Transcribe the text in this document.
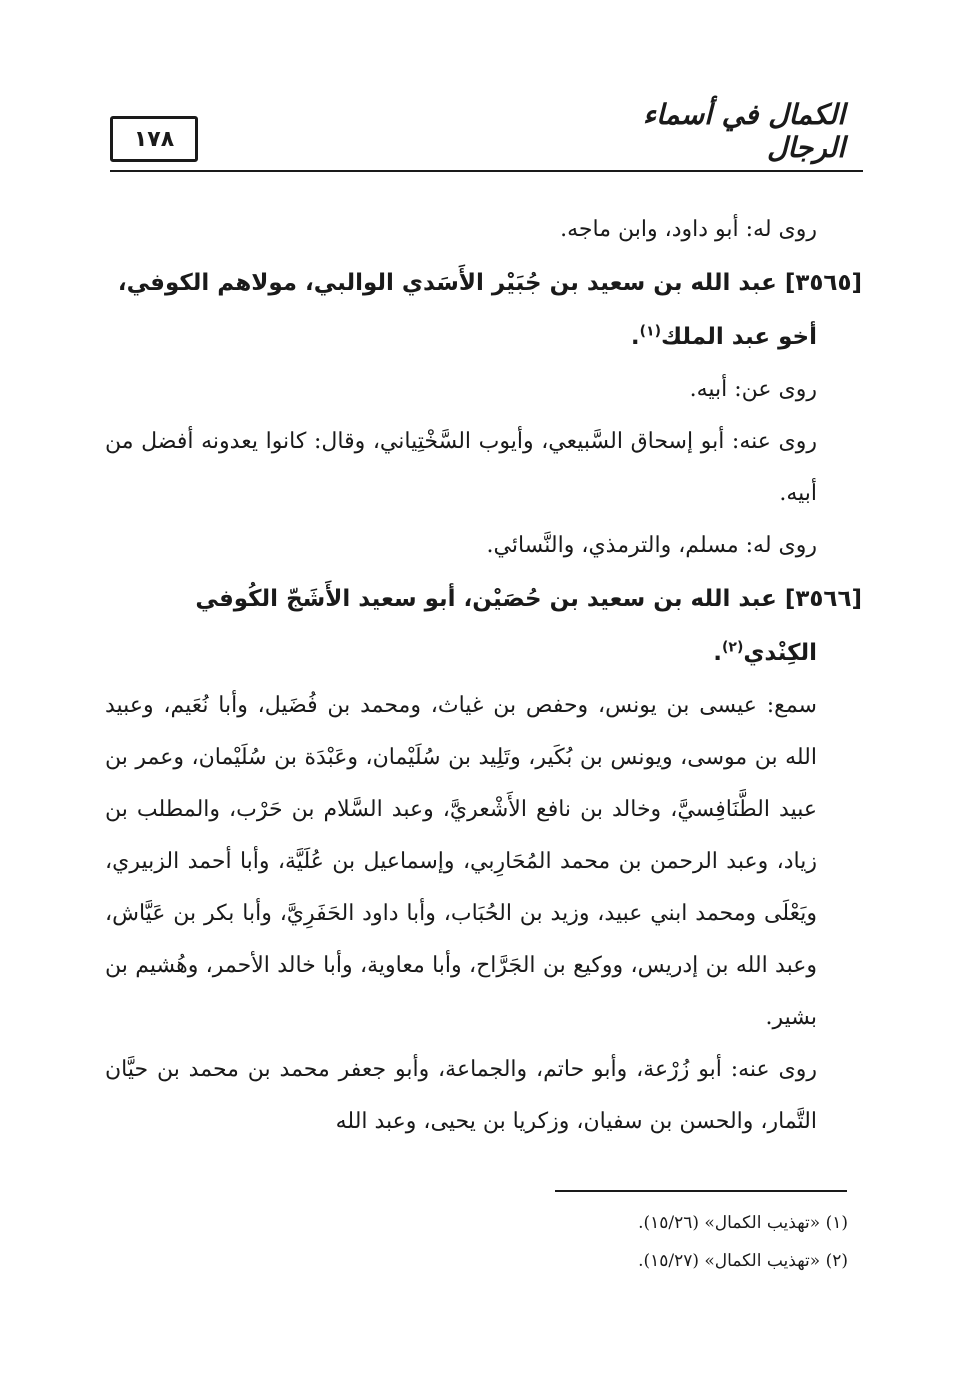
١٧٨
الكمال في أسماء الرجال

روى له: أبو داود، وابن ماجه.

[٣٥٦٥] عبد الله بن سعيد بن جُبَيْر الأَسَدي الوالبي، مولاهم الكوفي،

أخو عبد الملك$^{(١)}$.

روى عن: أبيه.

روى عنه: أبو إسحاق السَّبيعي، وأيوب السَّخْتِياني، وقال: كانوا يعدونه أفضل من أبيه.

روى له: مسلم، والترمذي، والنَّسائي.

[٣٥٦٦] عبد الله بن سعيد بن حُصَيْن، أبو سعيد الأَشَجّ الكُوفي

الكِنْدي$^{(٢)}$.

سمع: عيسى بن يونس، وحفص بن غياث، ومحمد بن فُضَيل، وأبا نُعَيم، وعبيد الله بن موسى، ويونس بن بُكَير، وتَلِيد بن سُلَيْمان، وعَبْدَة بن سُلَيْمان، وعمر بن عبيد الطَّنَافِسيَّ، وخالد بن نافع الأَشْعريَّ، وعبد السَّلام بن حَرْب، والمطلب بن زياد، وعبد الرحمن بن محمد المُحَارِبي، وإسماعيل بن عُلَيَّة، وأبا أحمد الزبيري، ويَعْلَى ومحمد ابني عبيد، وزيد بن الحُبَاب، وأبا داود الحَفَرِيَّ، وأبا بكر بن عَيَّاش، وعبد الله بن إدريس، ووكيع بن الجَرَّاح، وأبا معاوية، وأبا خالد الأحمر، وهُشيم بن بشير.

روى عنه: أبو زُرْعة، وأبو حاتم، والجماعة، وأبو جعفر محمد بن محمد بن حيَّان التَّمار، والحسن بن سفيان، وزكريا بن يحيى، وعبد الله

(١) «تهذيب الكمال» (١٥/٢٦).

(٢) «تهذيب الكمال» (١٥/٢٧).
